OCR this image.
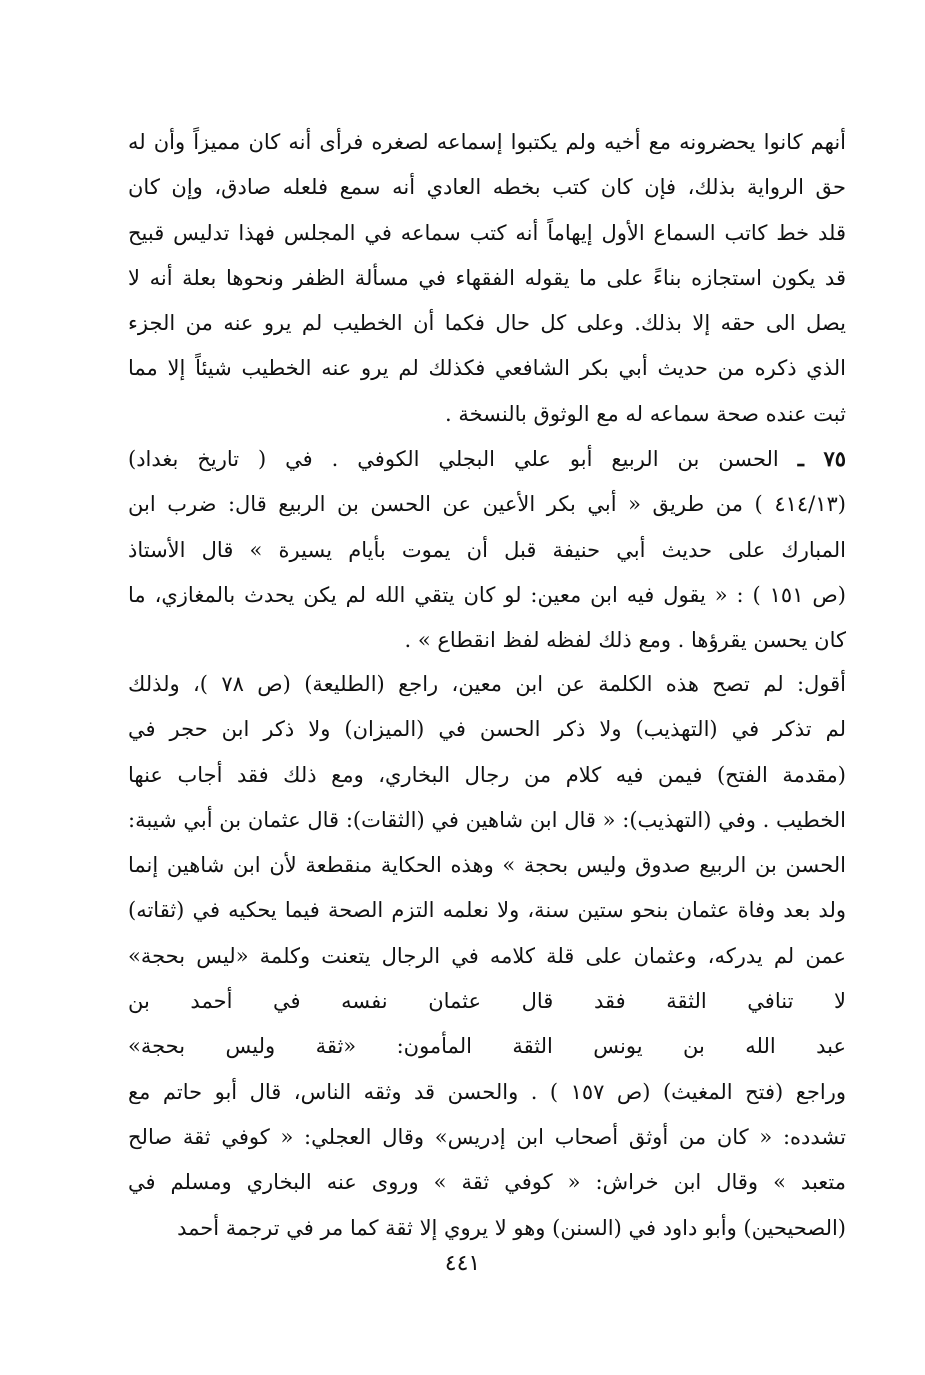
أنهم كانوا يحضرونه مع أخيه ولم يكتبوا إسماعه لصغره فرأى أنه كان مميزاً وأن له
حق الرواية بذلك، فإن كان كتب بخطه العادي أنه سمع فلعله صادق، وإن كان
قلد خط كاتب السماع الأول إيهاماً أنه كتب سماعه في المجلس فهذا تدليس قبيح
قد يكون استجازه بناءً على ما يقوله الفقهاء في مسألة الظفر ونحوها بعلة أنه لا
يصل الى حقه إلا بذلك. وعلى كل حال فكما أن الخطيب لم يرو عنه من الجزء
الذي ذكره من حديث أبي بكر الشافعي فكذلك لم يرو عنه الخطيب شيئاً إلا مما
ثبت عنده صحة سماعه له مع الوثوق بالنسخة .

٧٥ ـ الحسن بن الربيع أبو علي البجلي الكوفي . في ( تاريخ بغداد)
(٤١٤/١٣ ) من طريق « أبي بكر الأعين عن الحسن بن الربيع قال: ضرب ابن
المبارك على حديث أبي حنيفة قبل أن يموت بأيام يسيرة » قال الأستاذ
(ص ١٥١ ) : « يقول فيه ابن معين: لو كان يتقي الله لم يكن يحدث بالمغازي، ما
كان يحسن يقرؤها . ومع ذلك لفظه لفظ انقطاع » .

أقول: لم تصح هذه الكلمة عن ابن معين، راجع (الطليعة) (ص ٧٨ )، ولذلك
لم تذكر في (التهذيب) ولا ذكر الحسن في (الميزان) ولا ذكر ابن حجر في
(مقدمة الفتح) فيمن فيه كلام من رجال البخاري، ومع ذلك فقد أجاب عنها
الخطيب . وفي (التهذيب): « قال ابن شاهين في (الثقات): قال عثمان بن أبي شيبة:
الحسن بن الربيع صدوق وليس بحجة » وهذه الحكاية منقطعة لأن ابن شاهين إنما
ولد بعد وفاة عثمان بنحو ستين سنة، ولا نعلمه التزم الصحة فيما يحكيه في (ثقاته)
عمن لم يدركه، وعثمان على قلة كلامه في الرجال يتعنت وكلمة «ليس بحجة»
لا تنافي الثقة فقد قال عثمان نفسه في أحمد بن
عبد الله بن يونس الثقة المأمون: «ثقة وليس بحجة»
وراجع (فتح المغيث) (ص ١٥٧ ) . والحسن قد وثقه الناس، قال أبو حاتم مع
تشدده: « كان من أوثق أصحاب ابن إدريس» وقال العجلي: « كوفي ثقة صالح
متعبد » وقال ابن خراش: « كوفي ثقة » وروى عنه البخاري ومسلم في
(الصحيحين) وأبو داود في (السنن) وهو لا يروي إلا ثقة كما مر في ترجمة أحمد

٤٤١
